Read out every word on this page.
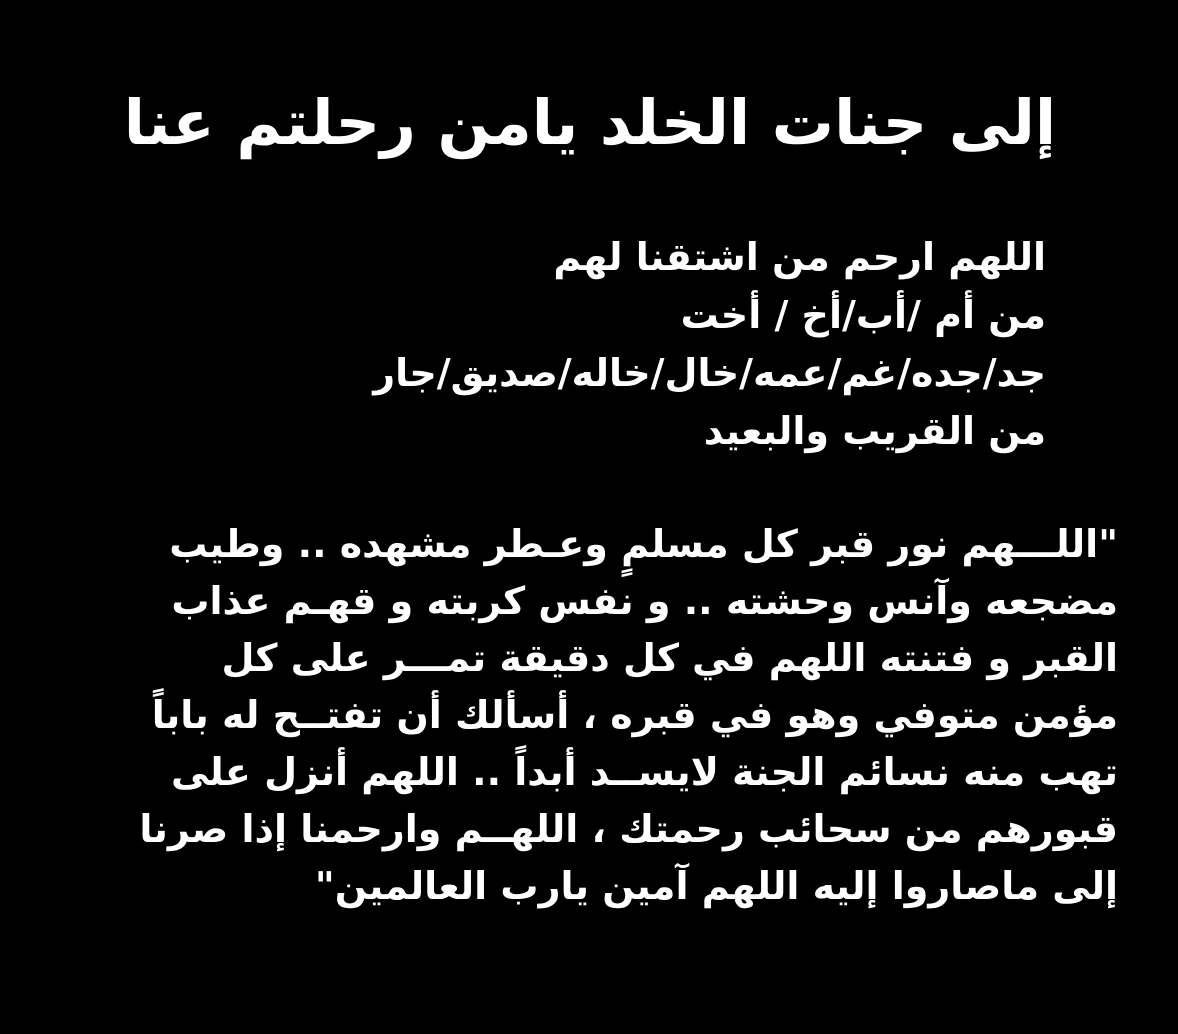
إلى جنات الخلد يامن رحلتم عنا
اللهم ارحم من اشتقنا لهم
من أم /أب/أخ / أخت
جد/جده/غم/عمه/خال/خاله/صديق/جار
من القريب والبعيد
"اللـــهم نور قبر كل مسلمٍ وعـطر مشهده .. وطيب
مضجعه وآنس وحشته .. و نفس كربته و قهـم عذاب
القبر و فتنته اللهم في كل دقيقة تمـــر على كل
مؤمن متوفي وهو في قبره ، أسألك أن تفتــح له باباً
تهب منه نسائم الجنة لايســد أبداً .. اللهم أنزل على
قبورهم من سحائب رحمتك ، اللهــم وارحمنا إذا صرنا
إلى ماصاروا إليه اللهم آمين يارب العالمين"
